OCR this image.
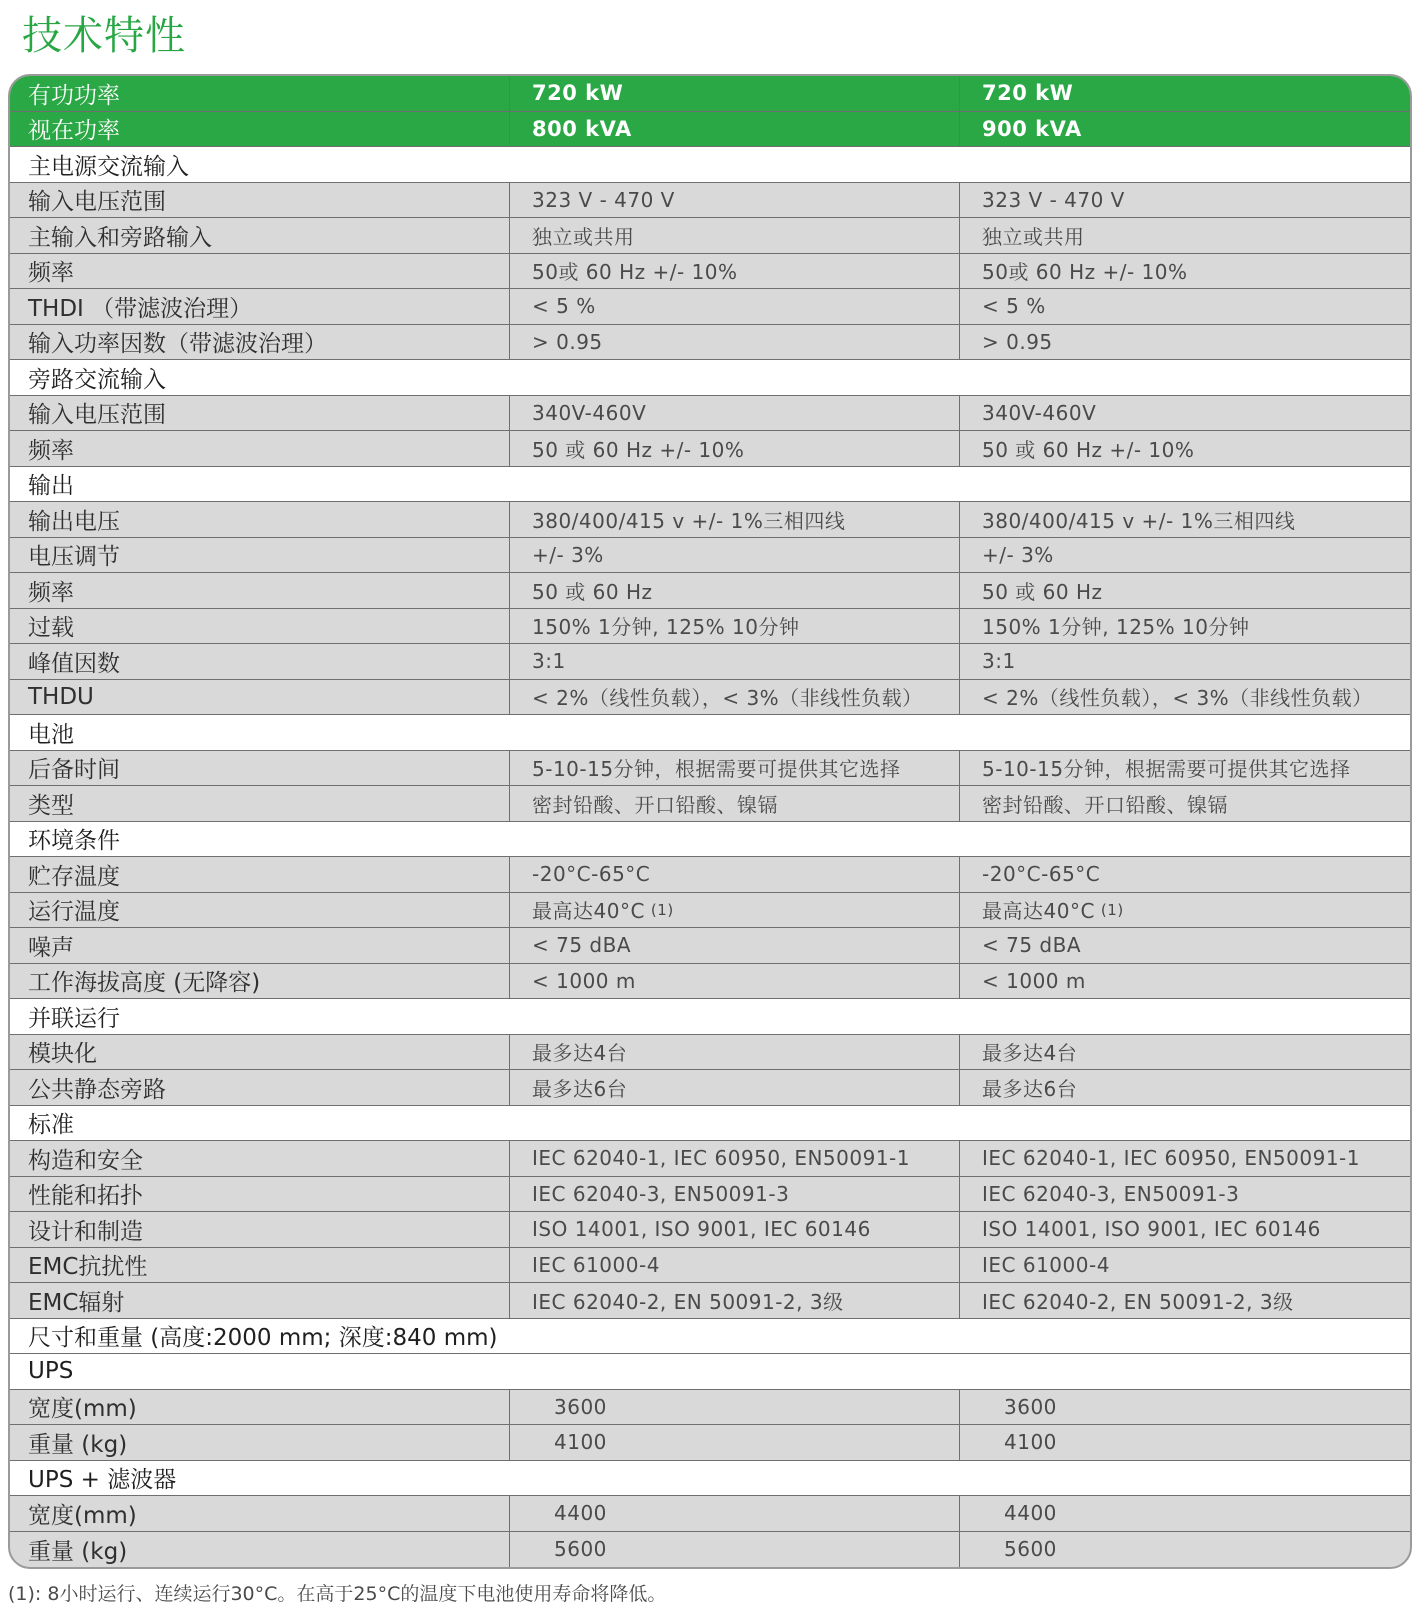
技术特性
有功功率	720 kW	720 kW
视在功率	800 kVA	900 kVA
主电源交流输入
输入电压范围	323 V - 470 V	323 V - 470 V
主输入和旁路输入	独立或共用	独立或共用
频率	50或 60 Hz +/- 10%	50或 60 Hz +/- 10%
THDI （带滤波治理）	< 5 %	< 5 %
输入功率因数（带滤波治理）	> 0.95	> 0.95
旁路交流输入
输入电压范围	340V-460V	340V-460V
频率	50 或 60 Hz +/- 10%	50 或 60 Hz +/- 10%
输出
输出电压	380/400/415 v +/- 1%三相四线	380/400/415 v +/- 1%三相四线
电压调节	+/- 3%	+/- 3%
频率	50 或 60 Hz	50 或 60 Hz
过载	150% 1分钟, 125% 10分钟	150% 1分钟, 125% 10分钟
峰值因数	3:1	3:1
THDU	< 2%（线性负载），< 3%（非线性负载）	< 2%（线性负载），< 3%（非线性负载）
电池
后备时间	5-10-15分钟，根据需要可提供其它选择	5-10-15分钟，根据需要可提供其它选择
类型	密封铅酸、开口铅酸、镍镉	密封铅酸、开口铅酸、镍镉
环境条件
贮存温度	-20°C-65°C	-20°C-65°C
运行温度	最高达40°C (1)	最高达40°C (1)
噪声	< 75 dBA	< 75 dBA
工作海拔高度 (无降容)	< 1000 m	< 1000 m
并联运行
模块化	最多达4台	最多达4台
公共静态旁路	最多达6台	最多达6台
标准
构造和安全	IEC 62040-1, IEC 60950, EN50091-1	IEC 62040-1, IEC 60950, EN50091-1
性能和拓扑	IEC 62040-3, EN50091-3	IEC 62040-3, EN50091-3
设计和制造	ISO 14001, ISO 9001, IEC 60146	ISO 14001, ISO 9001, IEC 60146
EMC抗扰性	IEC 61000-4	IEC 61000-4
EMC辐射	IEC 62040-2, EN 50091-2, 3级	IEC 62040-2, EN 50091-2, 3级
尺寸和重量 (高度:2000 mm; 深度:840 mm)
UPS
宽度(mm)	3600	3600
重量 (kg)	4100	4100
UPS + 滤波器
宽度(mm)	4400	4400
重量 (kg)	5600	5600
(1): 8小时运行、连续运行30°C。在高于25°C的温度下电池使用寿命将降低。
